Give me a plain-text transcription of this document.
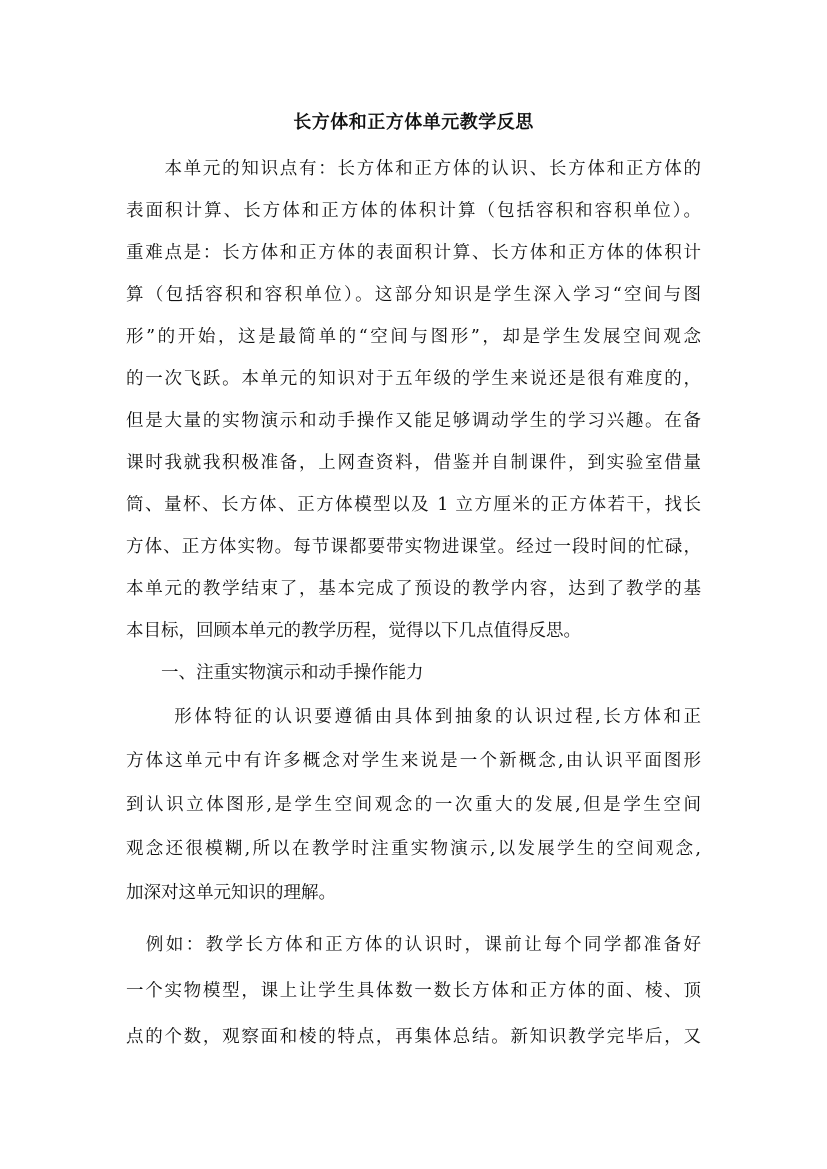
长方体和正方体单元教学反思
　　本单元的知识点有：长方体和正方体的认识、长方体和正方体的
表面积计算、长方体和正方体的体积计算（包括容积和容积单位）。
重难点是：长方体和正方体的表面积计算、长方体和正方体的体积计
算（包括容积和容积单位）。这部分知识是学生深入学习“空间与图
形”的开始，这是最简单的“空间与图形”，却是学生发展空间观念
的一次飞跃。本单元的知识对于五年级的学生来说还是很有难度的，
但是大量的实物演示和动手操作又能足够调动学生的学习兴趣。在备
课时我就我积极准备，上网查资料，借鉴并自制课件，到实验室借量
筒、量杯、长方体、正方体模型以及 1 立方厘米的正方体若干，找长
方体、正方体实物。每节课都要带实物进课堂。经过一段时间的忙碌，
本单元的教学结束了，基本完成了预设的教学内容，达到了教学的基
本目标，回顾本单元的教学历程，觉得以下几点值得反思。
　　一、注重实物演示和动手操作能力
　　 形体特征的认识要遵循由具体到抽象的认识过程,长方体和正
方体这单元中有许多概念对学生来说是一个新概念,由认识平面图形
到认识立体图形,是学生空间观念的一次重大的发展,但是学生空间
观念还很模糊,所以在教学时注重实物演示,以发展学生的空间观念,
加深对这单元知识的理解。
　例如：教学长方体和正方体的认识时，课前让每个同学都准备好
一个实物模型，课上让学生具体数一数长方体和正方体的面、棱、顶
点的个数，观察面和棱的特点，再集体总结。新知识教学完毕后，又
